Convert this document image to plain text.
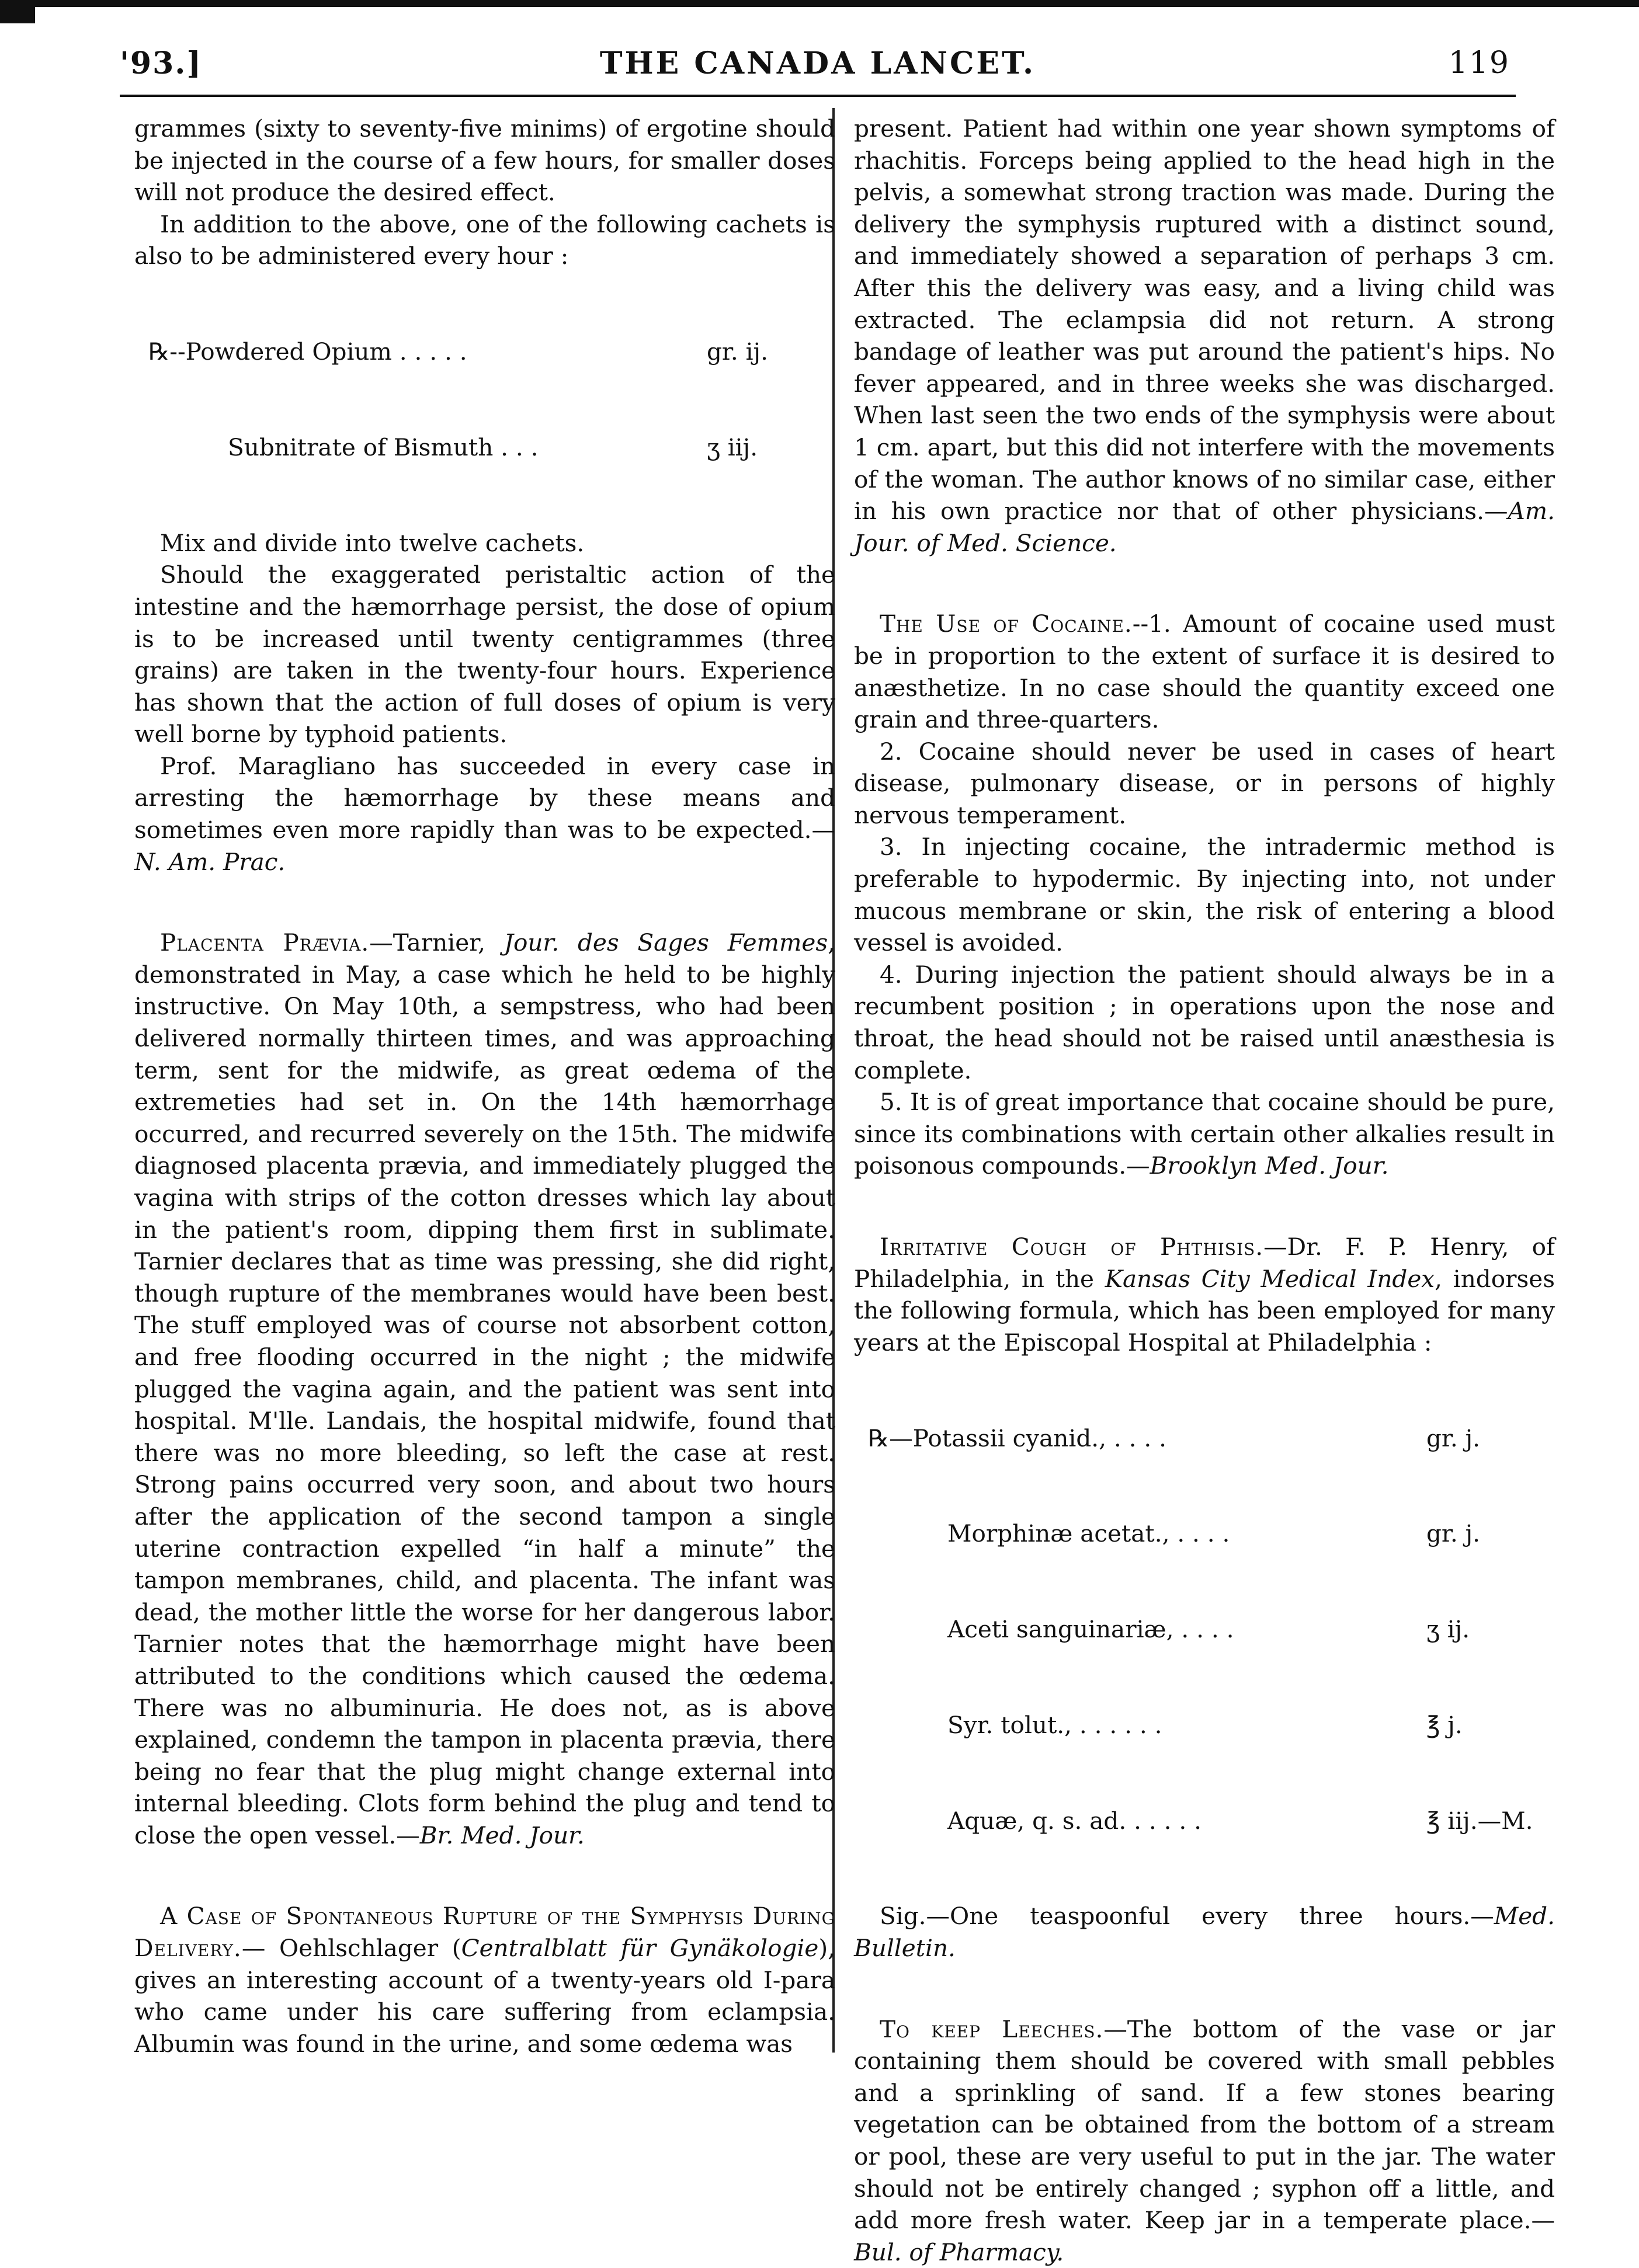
'93.]	THE CANADA LANCET.	119

grammes (sixty to seventy-five minims) of ergotine should be injected in the course of a few hours, for smaller doses will not produce the desired effect.

In addition to the above, one of the following cachets is also to be administered every hour :

℞--Powdered Opium . . . . .	gr. ij.

Subnitrate of Bismuth . . .	ʒ iij.

Mix and divide into twelve cachets.

Should the exaggerated peristaltic action of the intestine and the hæmorrhage persist, the dose of opium is to be increased until twenty centigrammes (three grains) are taken in the twenty-four hours. Experience has shown that the action of full doses of opium is very well borne by typhoid patients.

Prof. Maragliano has succeeded in every case in arresting the hæmorrhage by these means and sometimes even more rapidly than was to be expected.—N. Am. Prac.

Placenta Prævia.—Tarnier, Jour. des Sages Femmes, demonstrated in May, a case which he held to be highly instructive. On May 10th, a sempstress, who had been delivered normally thirteen times, and was approaching term, sent for the midwife, as great œdema of the extremeties had set in. On the 14th hæmorrhage occurred, and recurred severely on the 15th. The midwife diagnosed placenta prævia, and immediately plugged the vagina with strips of the cotton dresses which lay about in the patient's room, dipping them first in sublimate. Tarnier declares that as time was pressing, she did right, though rupture of the membranes would have been best. The stuff employed was of course not absorbent cotton, and free flooding occurred in the night ; the midwife plugged the vagina again, and the patient was sent into hospital. M'lle. Landais, the hospital midwife, found that there was no more bleeding, so left the case at rest. Strong pains occurred very soon, and about two hours after the application of the second tampon a single uterine contraction expelled “in half a minute” the tampon membranes, child, and placenta. The infant was dead, the mother little the worse for her dangerous labor. Tarnier notes that the hæmorrhage might have been attributed to the conditions which caused the œdema. There was no albuminuria. He does not, as is above explained, condemn the tampon in placenta prævia, there being no fear that the plug might change external into internal bleeding. Clots form behind the plug and tend to close the open vessel.—Br. Med. Jour.

A Case of Spontaneous Rupture of the Symphysis During Delivery.— Oehlschlager (Centralblatt für Gynäkologie), gives an interesting account of a twenty-years old I-para who came under his care suffering from eclampsia. Albumin was found in the urine, and some œdema was

present. Patient had within one year shown symptoms of rhachitis. Forceps being applied to the head high in the pelvis, a somewhat strong traction was made. During the delivery the symphysis ruptured with a distinct sound, and immediately showed a separation of perhaps 3 cm. After this the delivery was easy, and a living child was extracted. The eclampsia did not return. A strong bandage of leather was put around the patient's hips. No fever appeared, and in three weeks she was discharged. When last seen the two ends of the symphysis were about 1 cm. apart, but this did not interfere with the movements of the woman. The author knows of no similar case, either in his own practice nor that of other physicians.—Am. Jour. of Med. Science.

The Use of Cocaine.--1. Amount of cocaine used must be in proportion to the extent of surface it is desired to anæsthetize. In no case should the quantity exceed one grain and three-quarters.

2. Cocaine should never be used in cases of heart disease, pulmonary disease, or in persons of highly nervous temperament.

3. In injecting cocaine, the intradermic method is preferable to hypodermic. By injecting into, not under mucous membrane or skin, the risk of entering a blood vessel is avoided.

4. During injection the patient should always be in a recumbent position ; in operations upon the nose and throat, the head should not be raised until anæsthesia is complete.

5. It is of great importance that cocaine should be pure, since its combinations with certain other alkalies result in poisonous compounds.—Brooklyn Med. Jour.

Irritative Cough of Phthisis.—Dr. F. P. Henry, of Philadelphia, in the Kansas City Medical Index, indorses the following formula, which has been employed for many years at the Episcopal Hospital at Philadelphia :

℞—Potassii cyanid., . . . .	gr. j.

Morphinæ acetat., . . . .	gr. j.

Aceti sanguinariæ, . . . .	ʒ ij.

Syr. tolut., . . . . . .	℥ j.

Aquæ, q. s. ad. . . . . .	℥ iij.—M.

Sig.—One teaspoonful every three hours.—Med. Bulletin.

To keep Leeches.—The bottom of the vase or jar containing them should be covered with small pebbles and a sprinkling of sand. If a few stones bearing vegetation can be obtained from the bottom of a stream or pool, these are very useful to put in the jar. The water should not be entirely changed ; syphon off a little, and add more fresh water. Keep jar in a temperate place.—Bul. of Pharmacy.
